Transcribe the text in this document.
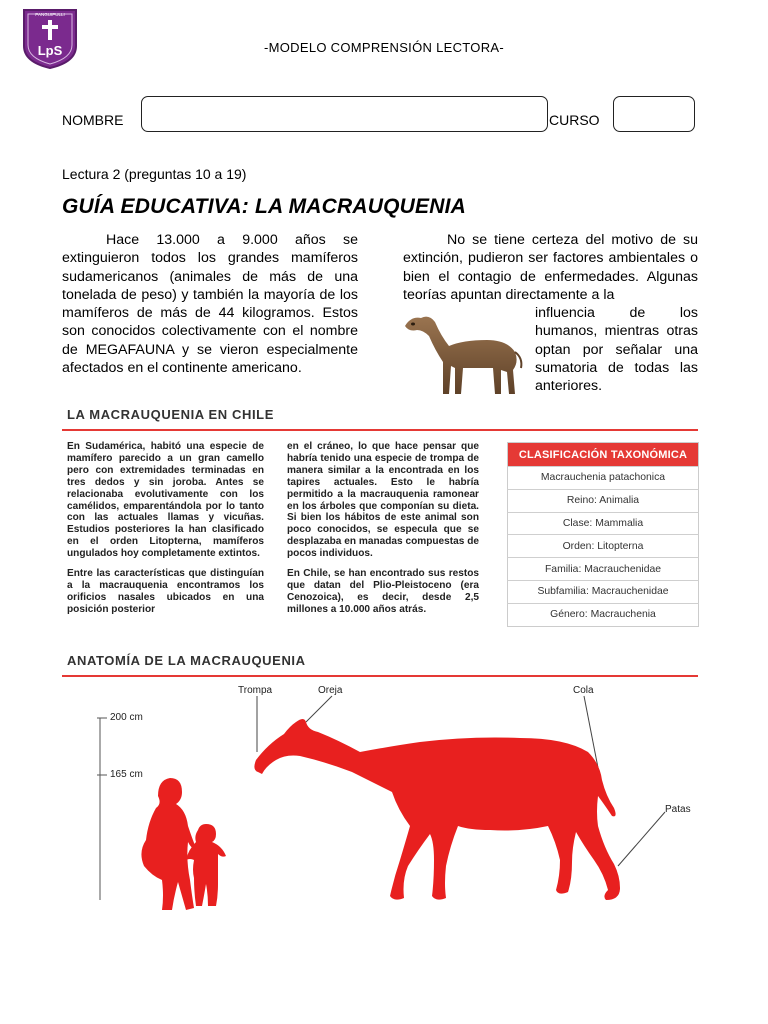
PANGUIPULLI
LpS	-MODELO COMPRENSIÓN LECTORA-
NOMBRE	CURSO
Lectura 2 (preguntas 10 a 19)
GUÍA EDUCATIVA: LA MACRAUQUENIA

Hace 13.000 a 9.000 años se extinguieron todos los grandes mamíferos sudamericanos (animales de más de una tonelada de peso) y también la mayoría de los mamíferos de más de 44 kilogramos. Estos son conocidos colectivamente con el nombre de MEGAFAUNA y se vieron especialmente afectados en el continente americano.

No se tiene certeza del motivo de su extinción, pudieron ser factores ambientales o bien el contagio de enfermedades. Algunas teorías apuntan directamente a la

influencia de los humanos, mientras otras optan por señalar una sumatoria de todas las anteriores.

LA MACRAUQUENIA EN CHILE

En Sudamérica, habitó una especie de mamífero parecido a un gran camello pero con extremidades terminadas en tres dedos y sin joroba. Antes se relacionaba evolutivamente con los camélidos, emparentándola por lo tanto con las actuales llamas y vicuñas. Estudios posteriores la han clasificado en el orden Litopterna, mamíferos ungulados hoy completamente extintos.

Entre las características que distinguían a la macrauquenia encontramos los orificios nasales ubicados en una posición posterior

en el cráneo, lo que hace pensar que habría tenido una especie de trompa de manera similar a la encontrada en los tapires actuales. Esto le habría permitido a la macrauquenia ramonear en los árboles que componían su dieta. Si bien los hábitos de este animal son poco conocidos, se especula que se desplazaba en manadas compuestas de pocos individuos.

En Chile, se han encontrado sus restos que datan del Plio-Pleistoceno (era Cenozoica), es decir, desde 2,5 millones a 10.000 años atrás.

CLASIFICACIÓN TAXONÓMICA
Macrauchenia patachonica
Reino: Animalia
Clase: Mammalia
Orden: Litopterna
Familia: Macrauchenidae
Subfamilia: Macrauchenidae
Género: Macrauchenia
ANATOMÍA DE LA MACRAUQUENIA
Trompa	Oreja	Cola
Patas
200 cm
165 cm
